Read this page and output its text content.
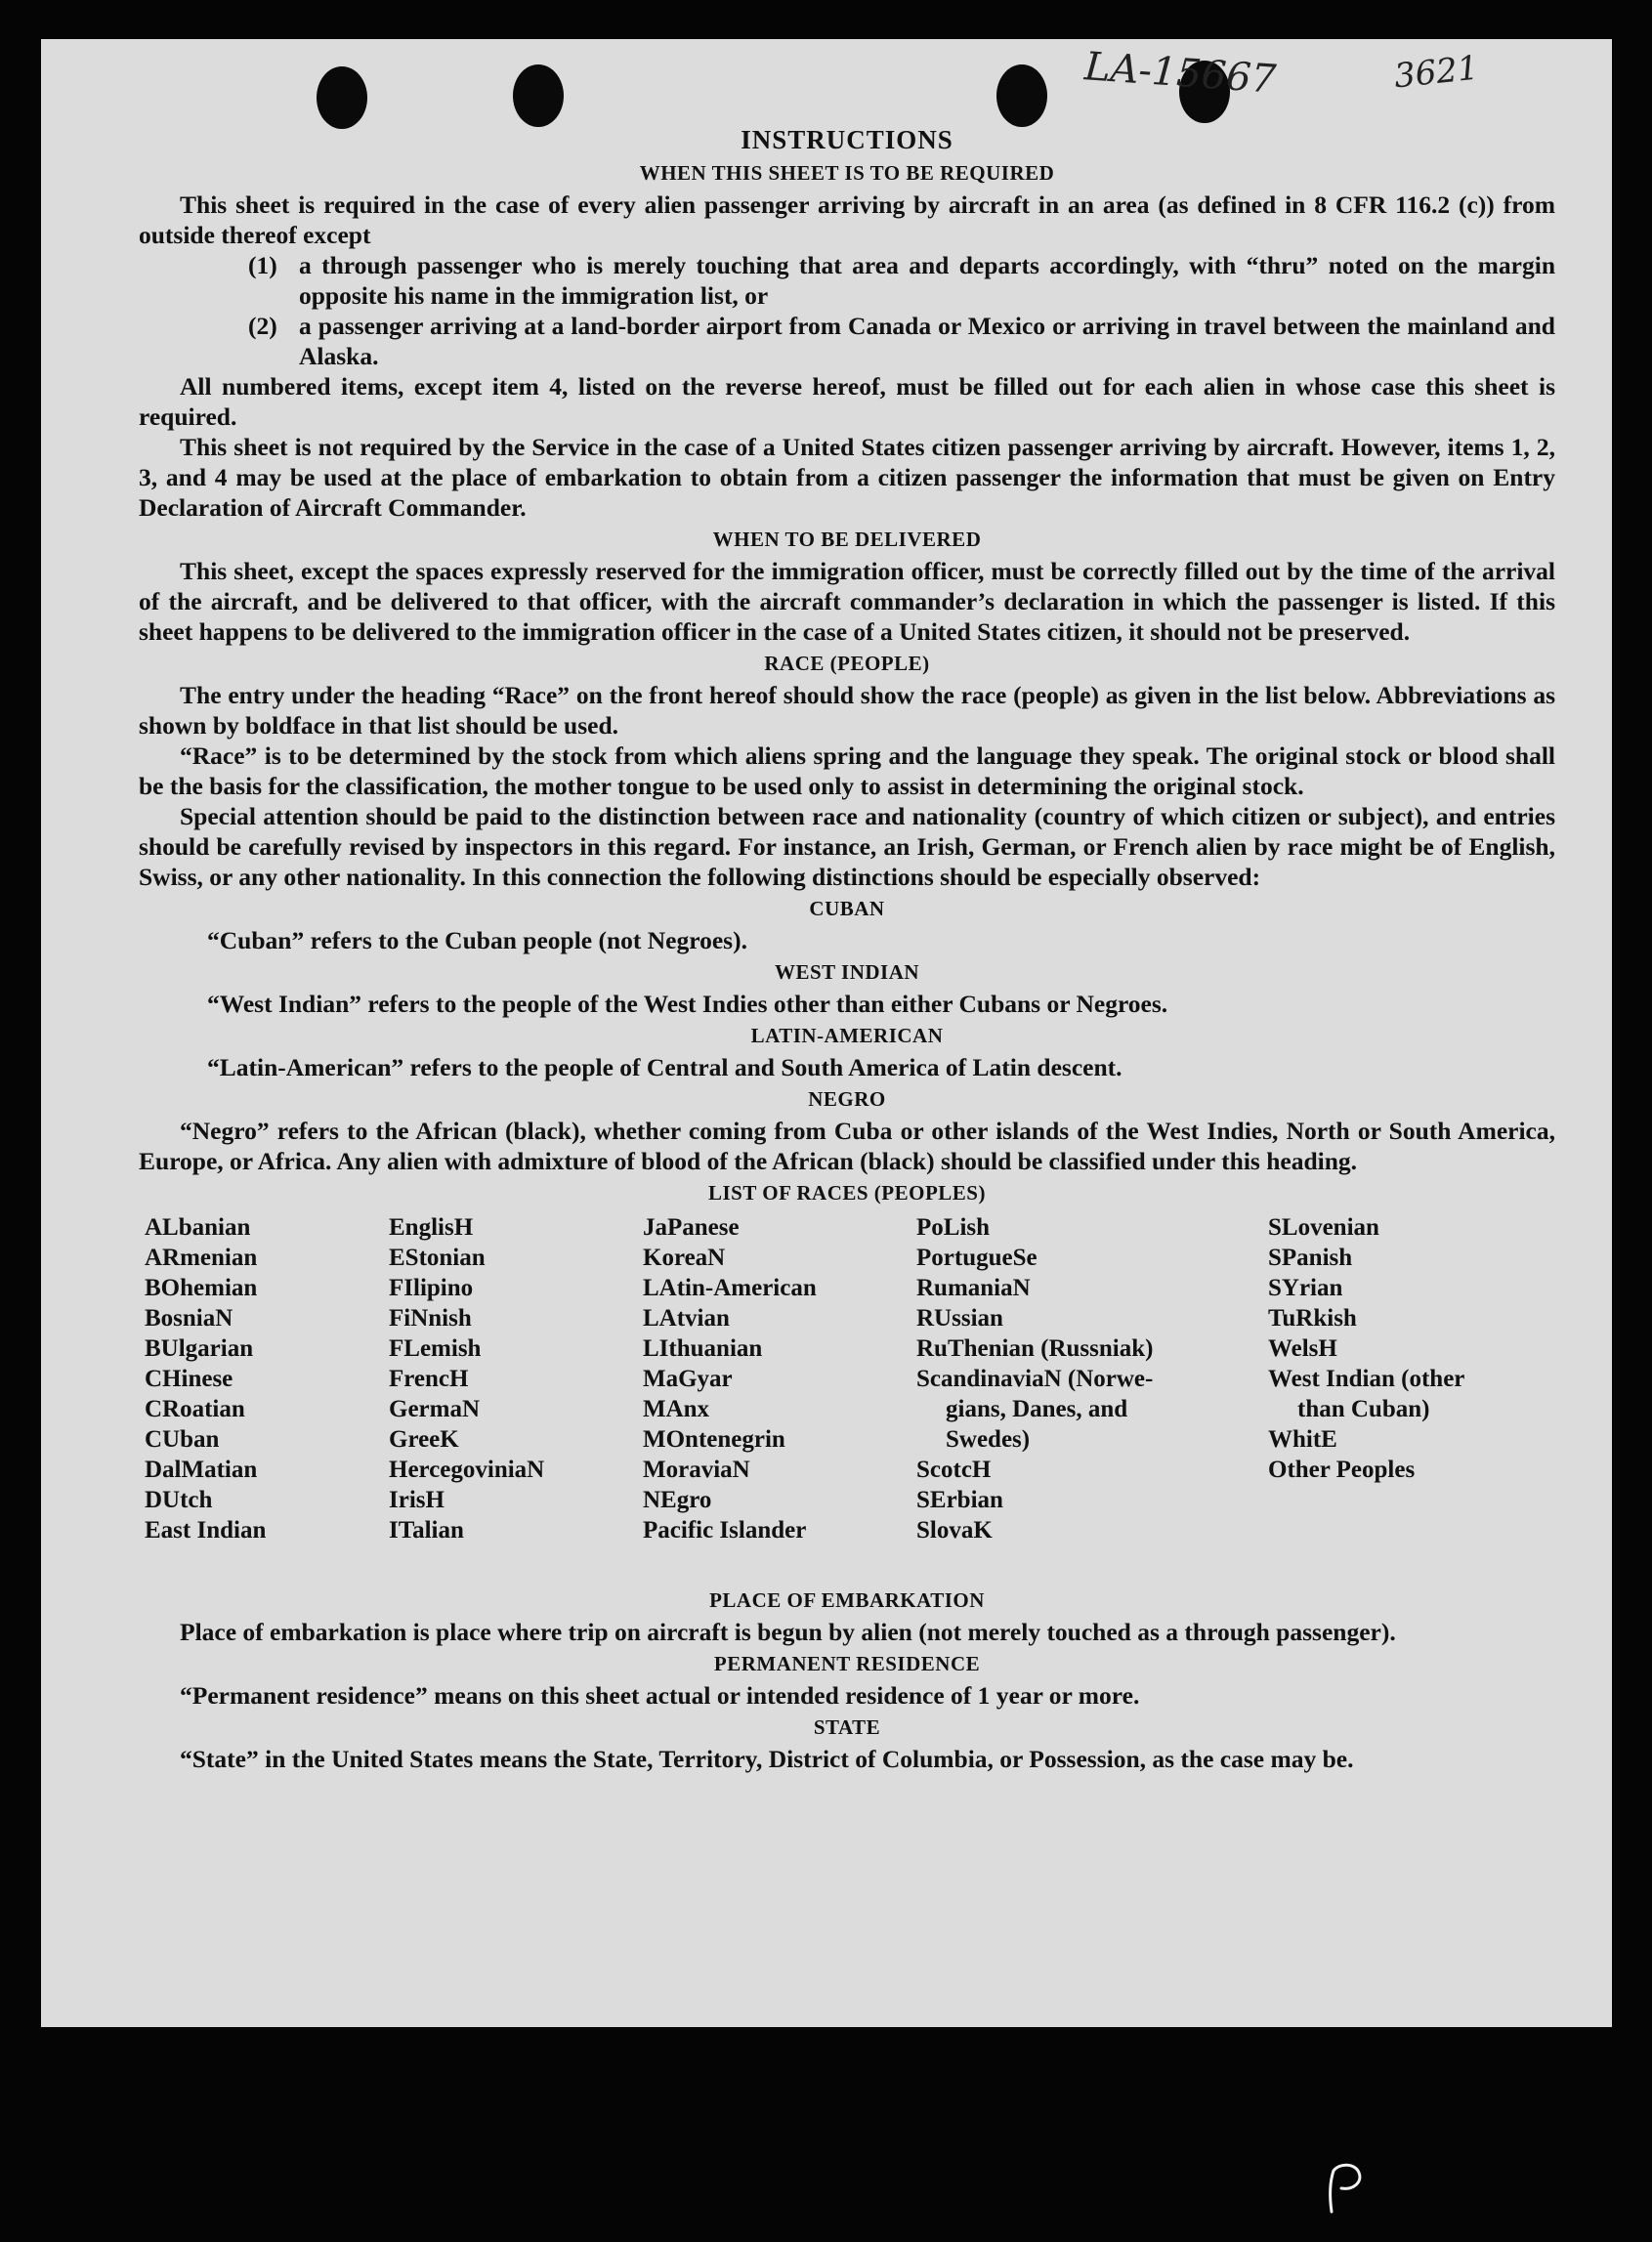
LA-15667	3621
INSTRUCTIONS
WHEN THIS SHEET IS TO BE REQUIRED

This sheet is required in the case of every alien passenger arriving by aircraft in an area (as defined in 8 CFR 116.2 (c)) from outside thereof except

(1) a through passenger who is merely touching that area and departs accordingly, with “thru” noted on the margin opposite his name in the immigration list, or
(2) a passenger arriving at a land-border airport from Canada or Mexico or arriving in travel between the mainland and Alaska.

All numbered items, except item 4, listed on the reverse hereof, must be filled out for each alien in whose case this sheet is required.

This sheet is not required by the Service in the case of a United States citizen passenger arriving by aircraft. However, items 1, 2, 3, and 4 may be used at the place of embarkation to obtain from a citizen passenger the information that must be given on Entry Declaration of Aircraft Commander.

WHEN TO BE DELIVERED

This sheet, except the spaces expressly reserved for the immigration officer, must be correctly filled out by the time of the arrival of the aircraft, and be delivered to that officer, with the aircraft commander’s declaration in which the passenger is listed. If this sheet happens to be delivered to the immigration officer in the case of a United States citizen, it should not be preserved.

RACE (PEOPLE)

The entry under the heading “Race” on the front hereof should show the race (people) as given in the list below. Abbreviations as shown by boldface in that list should be used.

“Race” is to be determined by the stock from which aliens spring and the language they speak. The original stock or blood shall be the basis for the classification, the mother tongue to be used only to assist in determining the original stock.

Special attention should be paid to the distinction between race and nationality (country of which citizen or subject), and entries should be carefully revised by inspectors in this regard. For instance, an Irish, German, or French alien by race might be of English, Swiss, or any other nationality. In this connection the following distinctions should be especially observed:

CUBAN

“Cuban” refers to the Cuban people (not Negroes).

WEST INDIAN

“West Indian” refers to the people of the West Indies other than either Cubans or Negroes.

LATIN-AMERICAN

“Latin-American” refers to the people of Central and South America of Latin descent.

NEGRO

“Negro” refers to the African (black), whether coming from Cuba or other islands of the West Indies, North or South America, Europe, or Africa. Any alien with admixture of blood of the African (black) should be classified under this heading.

LIST OF RACES (PEOPLES)
ALbanian
ARmenian
BOhemian
BosniaN
BUlgarian
CHinese
CRoatian
CUban
DalMatian
DUtch
East Indian
EnglisH
EStonian
FIlipino
FiNnish
FLemish
FrencH
GermaN
GreeK
HercegoviniaN
IrisH
ITalian
JaPanese
KoreaN
LAtin-American
LAtvian
LIthuanian
MaGyar
MAnx
MOntenegrin
MoraviaN
NEgro
Pacific Islander
PoLish
PortugueSe
RumaniaN
RUssian
RuThenian (Russniak)
ScandinaviaN (Norwe-
gians, Danes, and
Swedes)
ScotcH
SErbian
SlovaK
SLovenian
SPanish
SYrian
TuRkish
WelsH
West Indian (other
than Cuban)
WhitE
Other Peoples
PLACE OF EMBARKATION

Place of embarkation is place where trip on aircraft is begun by alien (not merely touched as a through passenger).

PERMANENT RESIDENCE

“Permanent residence” means on this sheet actual or intended residence of 1 year or more.

STATE

“State” in the United States means the State, Territory, District of Columbia, or Possession, as the case may be.
